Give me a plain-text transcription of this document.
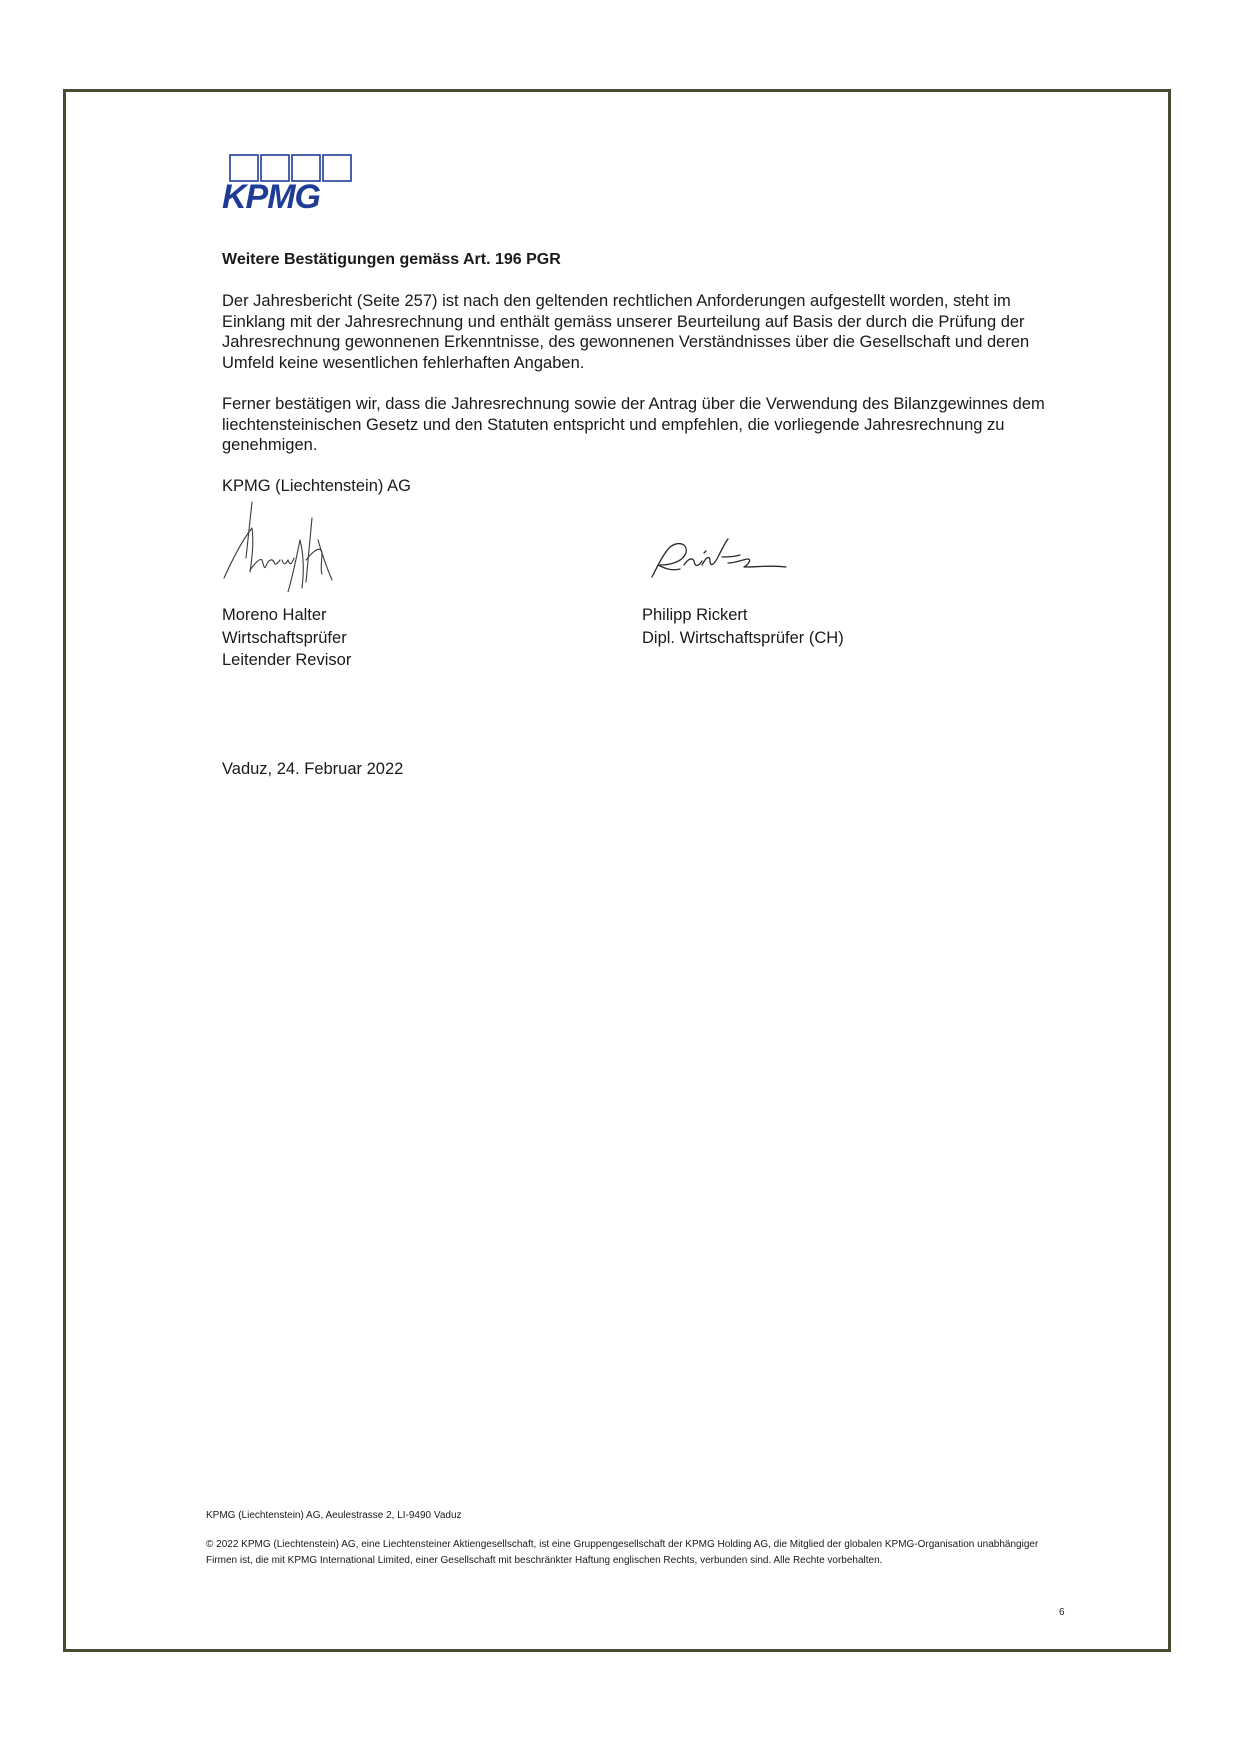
KPMG
Weitere Bestätigungen gemäss Art. 196 PGR
Der Jahresbericht (Seite 257) ist nach den geltenden rechtlichen Anforderungen aufgestellt worden, steht im Einklang mit der Jahresrechnung und enthält gemäss unserer Beurteilung auf Basis der durch die Prüfung der Jahresrechnung gewonnenen Erkenntnisse, des gewonnenen Verständnisses über die Gesellschaft und deren Umfeld keine wesentlichen fehlerhaften Angaben.
Ferner bestätigen wir, dass die Jahresrechnung sowie der Antrag über die Verwendung des Bilanzgewinnes dem liechtensteinischen Gesetz und den Statuten entspricht und empfehlen, die vorliegende Jahresrechnung zu genehmigen.
KPMG (Liechtenstein) AG
Moreno Halter
Wirtschaftsprüfer
Leitender Revisor
Philipp Rickert
Dipl. Wirtschaftsprüfer (CH)
Vaduz, 24. Februar 2022
KPMG (Liechtenstein) AG, Aeulestrasse 2, LI-9490 Vaduz
© 2022 KPMG (Liechtenstein) AG, eine Liechtensteiner Aktiengesellschaft, ist eine Gruppengesellschaft der KPMG Holding AG, die Mitglied der globalen KPMG-Organisation unabhängiger Firmen ist, die mit KPMG International Limited, einer Gesellschaft mit beschränkter Haftung englischen Rechts, verbunden sind. Alle Rechte vorbehalten.
6
